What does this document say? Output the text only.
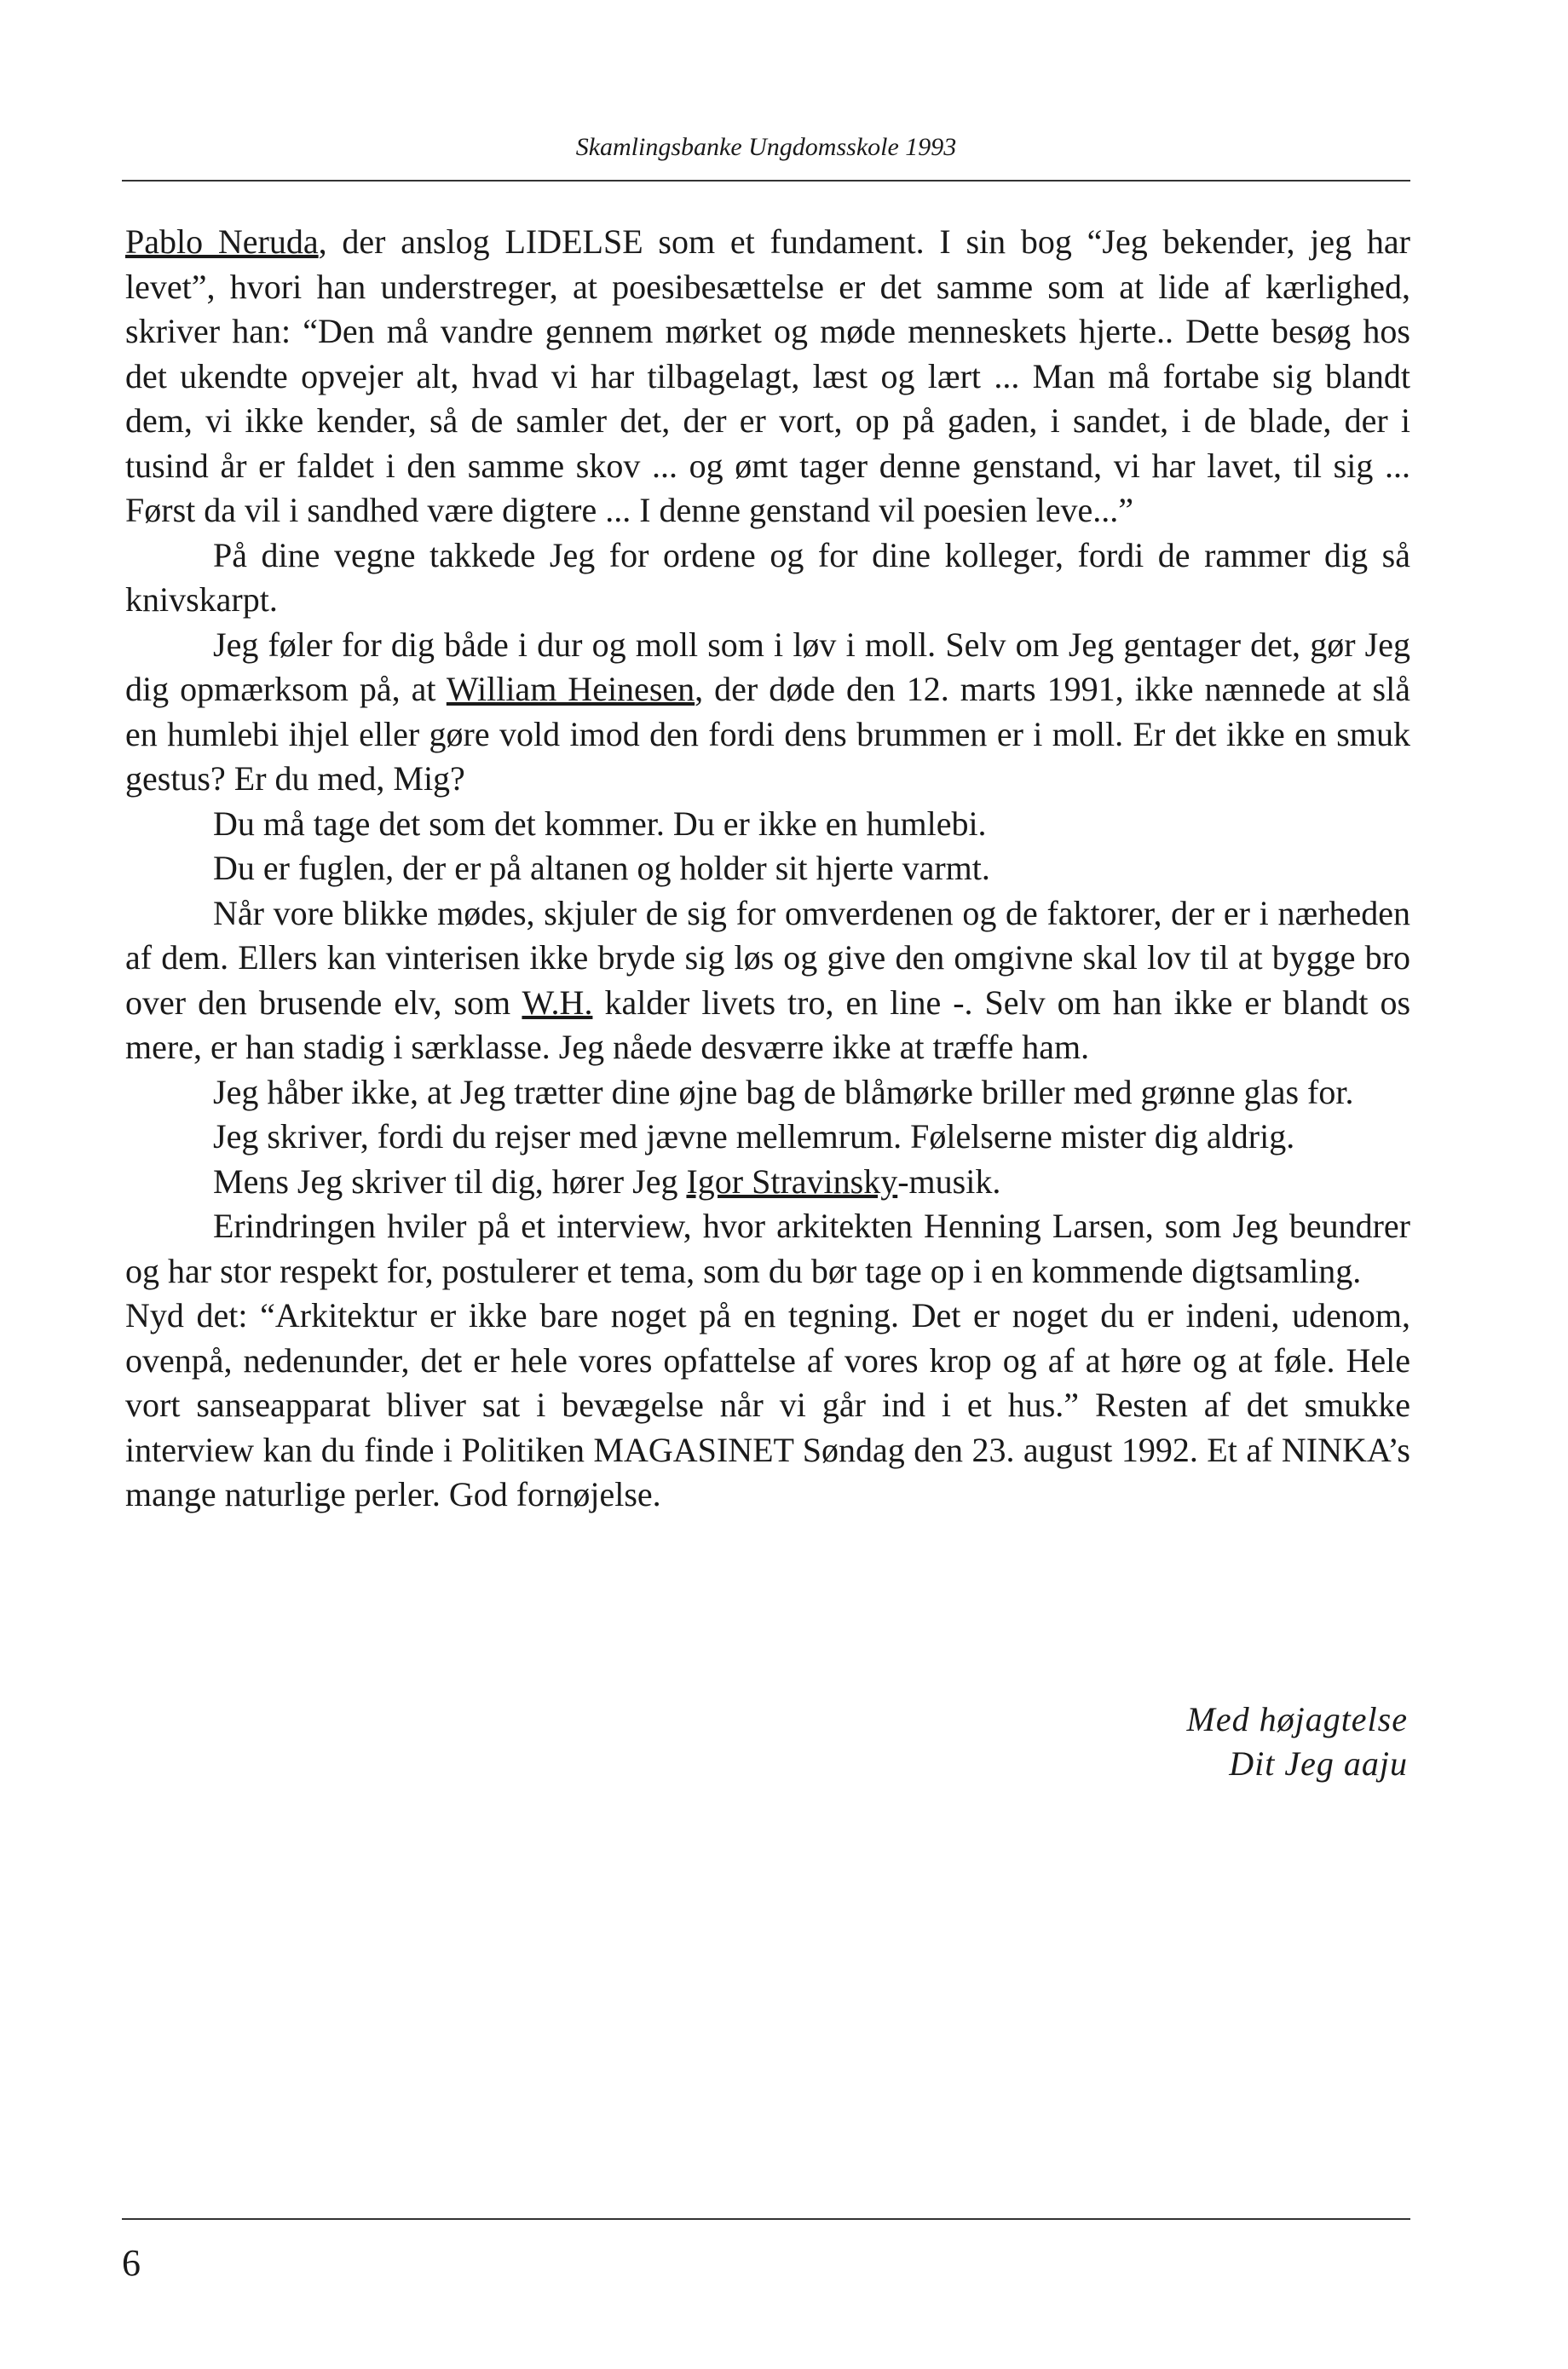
Skamlingsbanke Ungdomsskole 1993

Pablo Neruda, der anslog LIDELSE som et fundament. I sin bog “Jeg bekender, jeg har levet”, hvori han understreger, at poesibesættelse er det samme som at lide af kærlighed, skriver han: “Den må vandre gennem mørket og møde menneskets hjerte.. Dette besøg hos det ukendte opvejer alt, hvad vi har tilbagelagt, læst og lært ... Man må fortabe sig blandt dem, vi ikke kender, så de samler det, der er vort, op på gaden, i sandet, i de blade, der i tusind år er faldet i den samme skov ... og ømt tager denne genstand, vi har lavet, til sig ... Først da vil i sandhed være digtere ... I denne genstand vil poesien leve...”

På dine vegne takkede Jeg for ordene og for dine kolleger, fordi de rammer dig så knivskarpt.

Jeg føler for dig både i dur og moll som i løv i moll. Selv om Jeg gentager det, gør Jeg dig opmærksom på, at William Heinesen, der døde den 12. marts 1991, ikke nænnede at slå en humlebi ihjel eller gøre vold imod den fordi dens brummen er i moll. Er det ikke en smuk gestus? Er du med, Mig?

Du må tage det som det kommer. Du er ikke en humlebi.

Du er fuglen, der er på altanen og holder sit hjerte varmt.

Når vore blikke mødes, skjuler de sig for omverdenen og de faktorer, der er i nærheden af dem. Ellers kan vinterisen ikke bryde sig løs og give den omgivne skal lov til at bygge bro over den brusende elv, som W.H. kalder livets tro, en line -. Selv om han ikke er blandt os mere, er han stadig i særklasse. Jeg nåede desværre ikke at træffe ham.

Jeg håber ikke, at Jeg trætter dine øjne bag de blåmørke briller med grønne glas for.

Jeg skriver, fordi du rejser med jævne mellemrum. Følelserne mister dig aldrig.

Mens Jeg skriver til dig, hører Jeg Igor Stravinsky-musik.

Erindringen hviler på et interview, hvor arkitekten Henning Larsen, som Jeg beundrer og har stor respekt for, postulerer et tema, som du bør tage op i en kommende digtsamling.

Nyd det: “Arkitektur er ikke bare noget på en tegning. Det er noget du er indeni, udenom, ovenpå, nedenunder, det er hele vores opfattelse af vores krop og af at høre og at føle. Hele vort sanseapparat bliver sat i bevægelse når vi går ind i et hus.” Resten af det smukke interview kan du finde i Politiken MAGASINET Søndag den 23. august 1992. Et af NINKA’s mange naturlige perler. God fornøjelse.

Med højagtelse
Dit Jeg aaju
6
